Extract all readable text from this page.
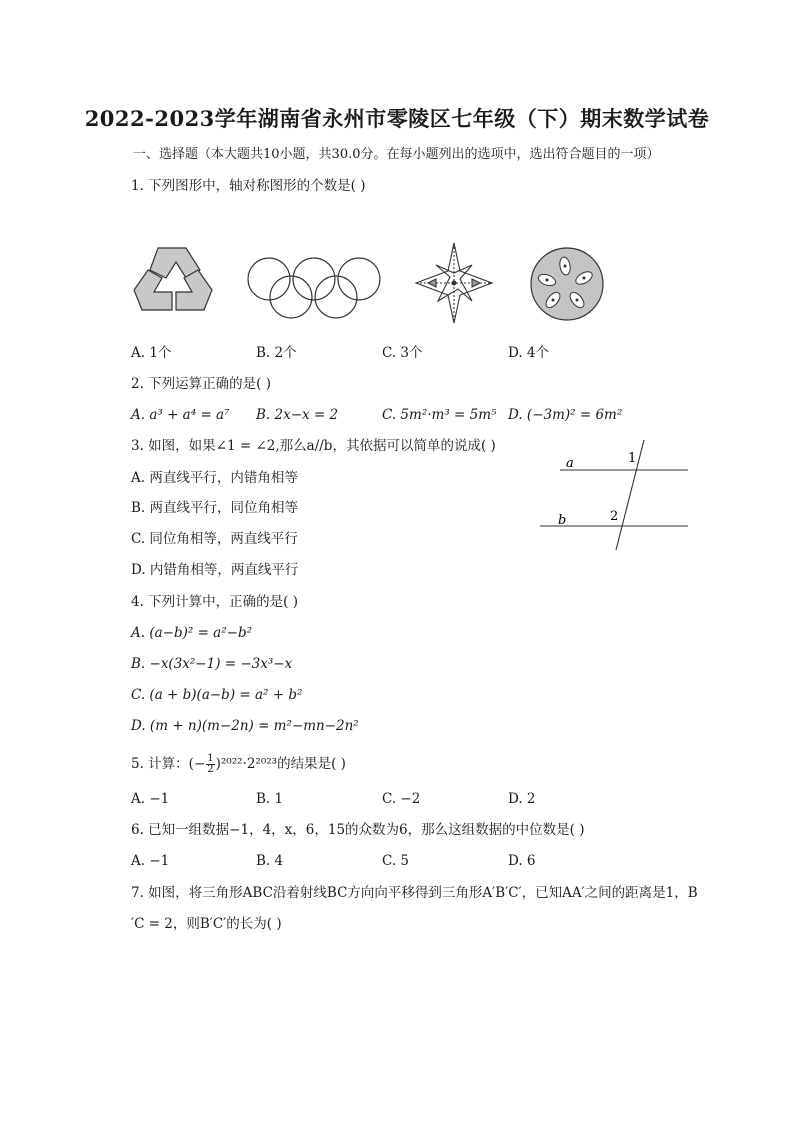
2022-2023学年湖南省永州市零陵区七年级（下）期末数学试卷
一、选择题（本大题共10小题，共30.0分。在每小题列出的选项中，选出符合题目的一项）
1. 下列图形中，轴对称图形的个数是( )
A. 1个	B. 2个	C. 3个	D. 4个
2. 下列运算正确的是( )
A. a³ + a⁴ = a⁷ B. 2x−x = 2	C. 5m²·m³ = 5m⁵ D. (−3m)² = 6m²
3. 如图，如果∠1 = ∠2,那么a//b，其依据可以简单的说成( )
A. 两直线平行，内错角相等
B. 两直线平行，同位角相等
C. 同位角相等，两直线平行
D. 内错角相等，两直线平行
a
b
1
2
4. 下列计算中，正确的是( )
A. (a−b)² = a²−b²
B. −x(3x²−1) = −3x³−x
C. (a + b)(a−b) = a² + b²
D. (m + n)(m−2n) = m²−mn−2n²
5. 计算：(− $\frac{1}{2} )^{2022}\cdot 2^{2023}$的结果是( )
A. −1	B. 1	C. −2	D. 2
6. 已知一组数据−1，4，x，6，15的众数为6，那么这组数据的中位数是( )
A. −1	B. 4	C. 5	D. 6
7. 如图，将三角形ABC沿着射线BC方向向平移得到三角形A′B′C′，已知AA′之间的距离是1，B
′C = 2，则B′C′的长为( )
